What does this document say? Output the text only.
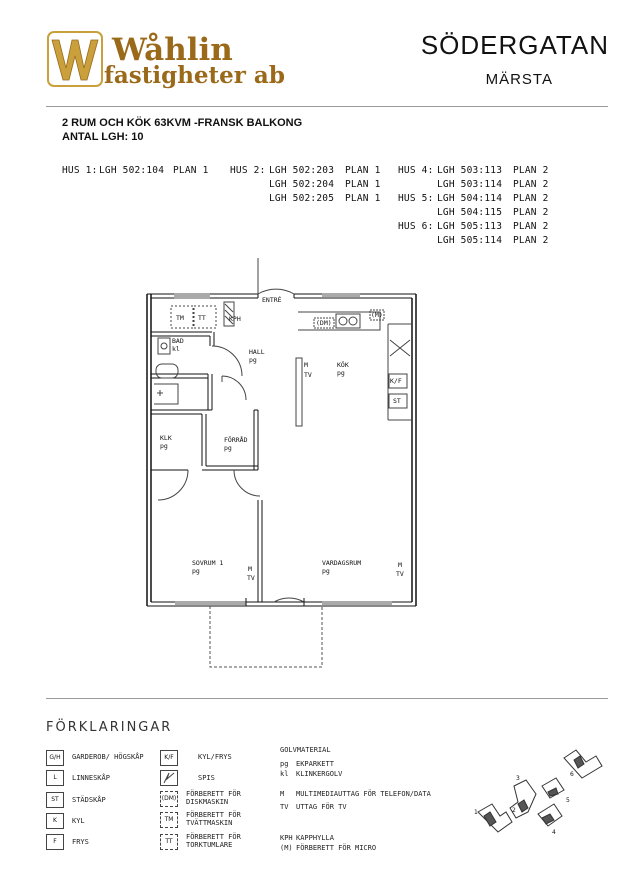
Wåhlin
fastigheter ab
SÖDERGATAN
MÄRSTA
2 RUM OCH KÖK 63KVM -FRANSK BALKONG
ANTAL LGH: 10
HUS 1: LGH 502:104 PLAN 1 HUS 2: LGH 502:203 PLAN 1
LGH 502:204 PLAN 1
LGH 502:205 PLAN 1
HUS 4: LGH 503:113 PLAN 2
LGH 503:114 PLAN 2
HUS 5: LGH 504:114 PLAN 2
LGH 504:115 PLAN 2
HUS 6: LGH 505:113 PLAN 2
LGH 505:114 PLAN 2
ENTRÉ
KPH
TM TT
(DM)
(M)
BAD
kl	HALL
pg
KÖK
pg
M
TV
K/F
ST
KLK
pg
FÖRRÅD
pg
SOVRUM 1
pg	M
TV
VARDAGSRUM
pg
M
TV
FÖRKLARINGAR
G/H	GARDEROB/ HÖGSKÅP
L	LINNESKÅP
ST	STÄDSKÅP
K	KYL
F	FRYS
K/F	KYL/FRYS
SPIS
(DM)
FÖRBERETT FÖR
DISKMASKIN
TM
FÖRBERETT FÖR
TVÄTTMASKIN
TT
FÖRBERETT FÖR
TORKTUMLARE
GOLVMATERIAL
pg EKPARKETT
kl KLINKERGOLV
M MULTIMEDIAUTTAG FÖR TELEFON/DATA
TV UTTAG FÖR TV
KPH KAPPHYLLA
(M) FÖRBERETT FÖR MICRO
1	2
3
4
5
6
